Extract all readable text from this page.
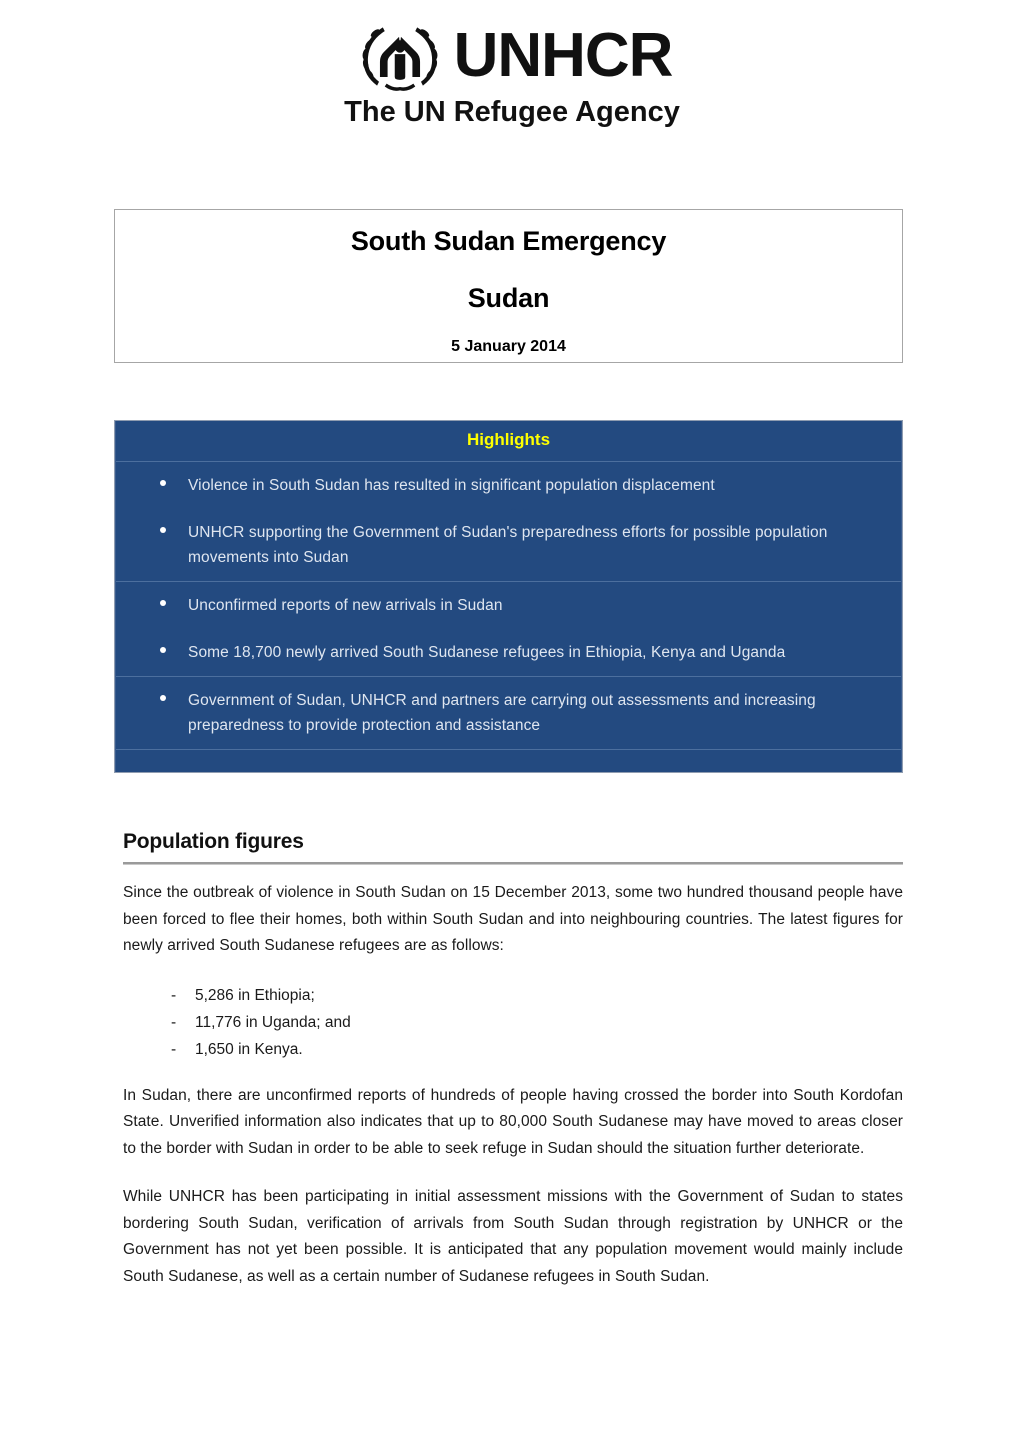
UNHCR
The UN Refugee Agency
South Sudan Emergency
Sudan
5 January 2014
Highlights
Violence in South Sudan has resulted in significant population displacement
UNHCR supporting the Government of Sudan's preparedness efforts for possible population movements into Sudan
Unconfirmed reports of new arrivals in Sudan
Some 18,700 newly arrived South Sudanese refugees in Ethiopia, Kenya and Uganda
Government of Sudan, UNHCR and partners are carrying out assessments and increasing preparedness to provide protection and assistance
Population figures

Since the outbreak of violence in South Sudan on 15 December 2013, some two hundred thousand people have been forced to flee their homes, both within South Sudan and into neighbouring countries. The latest figures for newly arrived South Sudanese refugees are as follows:

-	5,286 in Ethiopia;
-	11,776 in Uganda; and
-	1,650 in Kenya.

In Sudan, there are unconfirmed reports of hundreds of people having crossed the border into South Kordofan State. Unverified information also indicates that up to 80,000 South Sudanese may have moved to areas closer to the border with Sudan in order to be able to seek refuge in Sudan should the situation further deteriorate.

While UNHCR has been participating in initial assessment missions with the Government of Sudan to states bordering South Sudan, verification of arrivals from South Sudan through registration by UNHCR or the Government has not yet been possible. It is anticipated that any population movement would mainly include South Sudanese, as well as a certain number of Sudanese refugees in South Sudan.
